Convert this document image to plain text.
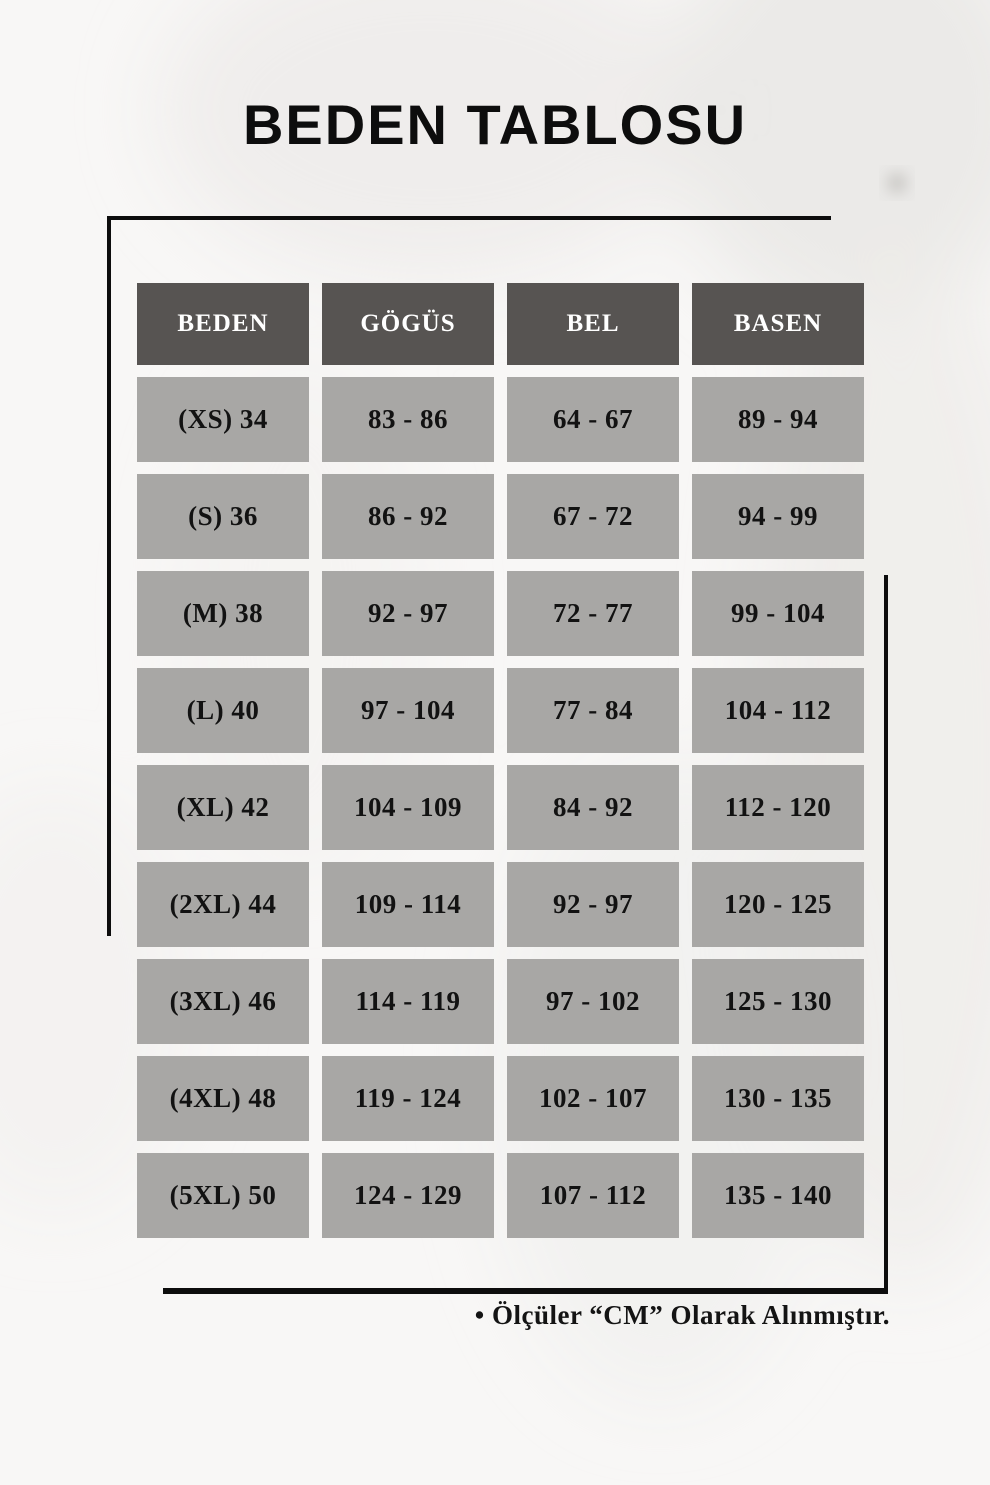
BEDEN TABLOSU
BEDEN	GÖGÜS	BEL	BASEN
(XS) 34	83 - 86	64 - 67	89 - 94
(S) 36	86 - 92	67 - 72	94 - 99
(M) 38	92 - 97	72 - 77	99 - 104
(L) 40	97 - 104	77 - 84	104 - 112
(XL) 42	104 - 109	84 - 92	112 - 120
(2XL) 44	109 - 114	92 - 97	120 - 125
(3XL) 46	114 - 119	97 - 102	125 - 130
(4XL) 48	119 - 124	102 - 107	130 - 135
(5XL) 50	124 - 129	107 - 112	135 - 140
• Ölçüler “CM” Olarak Alınmıştır.
